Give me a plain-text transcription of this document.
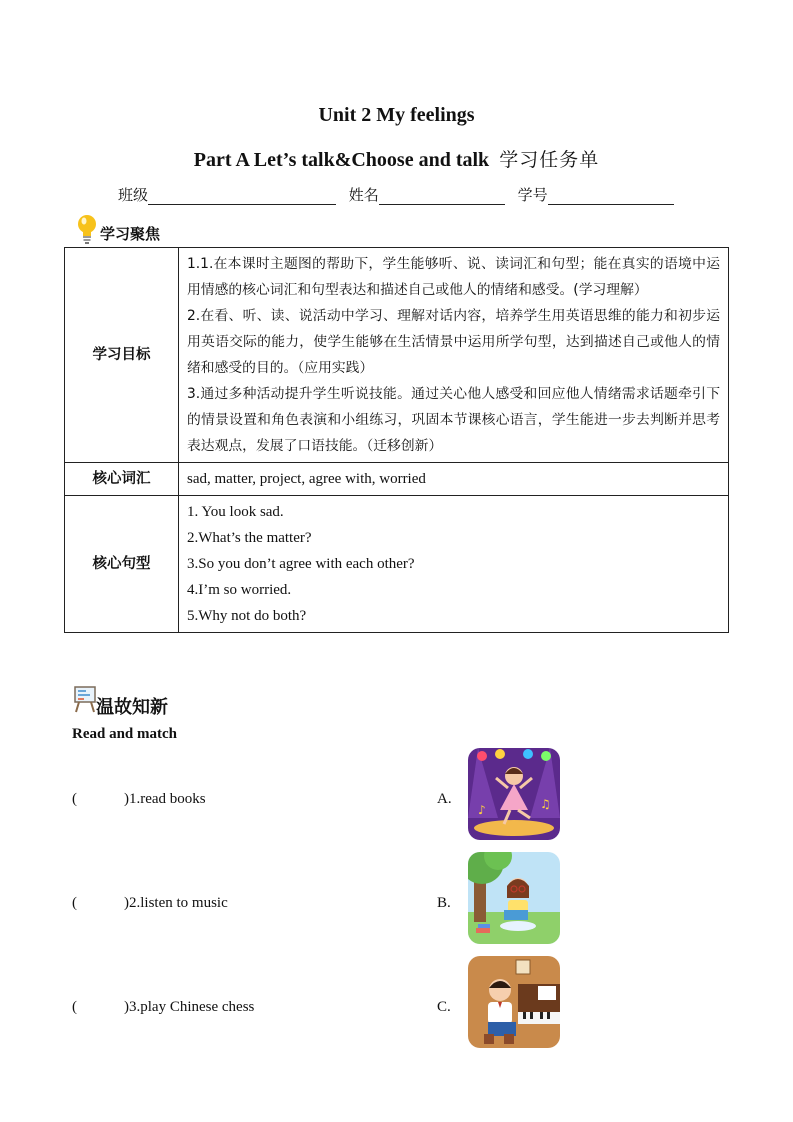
Unit 2 My feelings
Part A Let’s talk&Choose and talk 学习任务单
班级	姓名	学号
学习聚焦
学习目标	1.1.在本课时主题图的帮助下，学生能够听、说、读词汇和句型；能在真实的语境中运用情感的核心词汇和句型表达和描述自己或他人的情绪和感受。(学习理解）
2.在看、听、读、说活动中学习、理解对话内容，培养学生用英语思维的能力和初步运用英语交际的能力，使学生能够在生活情景中运用所学句型，达到描述自己或他人的情绪和感受的目的。（应用实践）
3.通过多种活动提升学生听说技能。通过关心他人感受和回应他人情绪需求话题牵引下的情景设置和角色表演和小组练习，巩固本节课核心语言，学生能进一步去判断并思考表达观点，发展了口语技能。（迁移创新）

核心词汇	sad, matter, project, agree with, worried
核心句型	1. You look sad.
2.What’s the matter?
3.So you don’t agree with each other?
4.I’m so worried.
5.Why not do both?
温故知新
Read and match
(	)1.read books	A.
♪	♫
(	)2.listen to music	B.
(	)3.play Chinese chess	C.
